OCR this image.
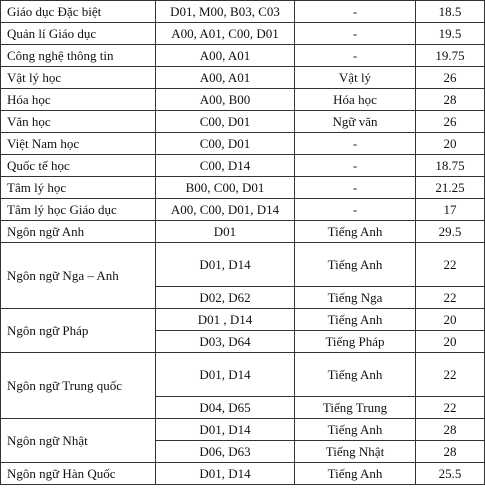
Giáo dục Đặc biệt	D01, M00, B03, C03	-	18.5
Quản lí Giáo dục	A00, A01, C00, D01	-	19.5
Công nghệ thông tin	A00, A01	-	19.75
Vật lý học	A00, A01	Vật lý	26
Hóa học	A00, B00	Hóa học	28
Văn học	C00, D01	Ngữ văn	26
Việt Nam học	C00, D01	-	20
Quốc tế học	C00, D14	-	18.75
Tâm lý học	B00, C00, D01	-	21.25
Tâm lý học Giáo dục	A00, C00, D01, D14	-	17
Ngôn ngữ Anh	D01	Tiếng Anh	29.5
Ngôn ngữ Nga – Anh	D01, D14	Tiếng Anh	22
	D02, D62	Tiếng Nga	22
Ngôn ngữ Pháp	D01 , D14	Tiếng Anh	20
	D03, D64	Tiếng Pháp	20
Ngôn ngữ Trung quốc	D01, D14	Tiếng Anh	22
	D04, D65	Tiếng Trung	22
Ngôn ngữ Nhật	D01, D14	Tiếng Anh	28
	D06, D63	Tiếng Nhật	28
Ngôn ngữ Hàn Quốc	D01, D14	Tiếng Anh	25.5
